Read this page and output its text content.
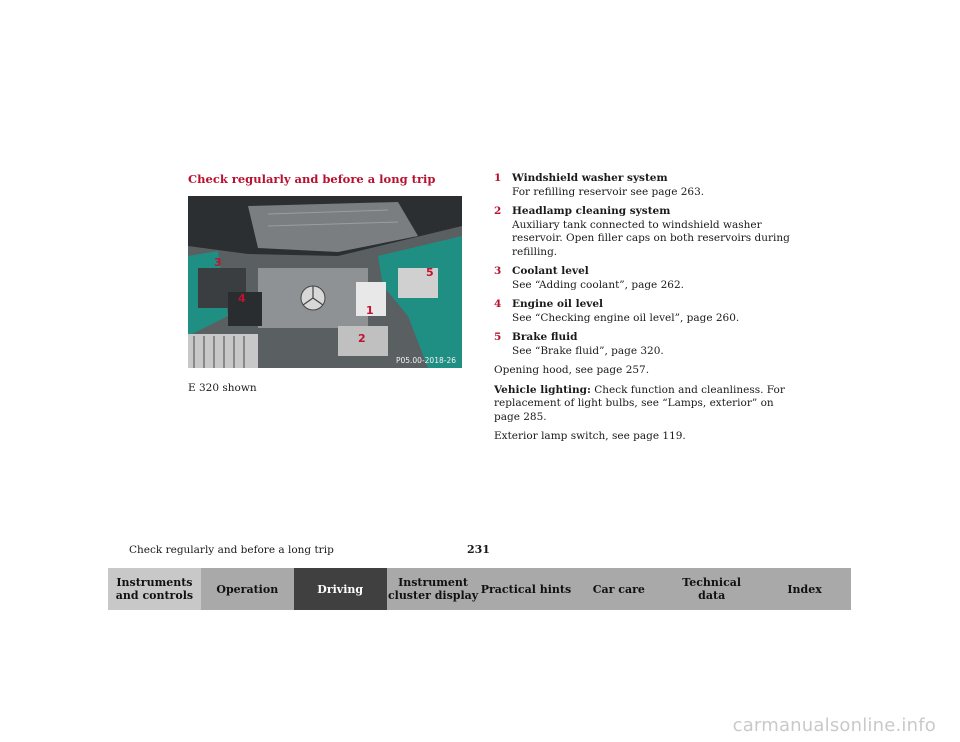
Check regularly and before a long trip
3
4
5
1
2
P05.00-2018-26
E 320 shown
1 Windshield washer system
For refilling reservoir see page 263.
2 Headlamp cleaning system
Auxiliary tank connected to windshield washer reservoir. Open filler caps on both reservoirs during refilling.
3 Coolant level
See “Adding coolant”, page 262.
4 Engine oil level
See “Checking engine oil level”, page 260.
5 Brake fluid
See “Brake fluid”, page 320.

Opening hood, see page 257.

Vehicle lighting: Check function and cleanliness. For replacement of light bulbs, see “Lamps, exterior” on page 285.

Exterior lamp switch, see page 119.

Check regularly and before a long trip	231
Instruments
and controls Operation	Driving	Instrument
cluster display Practical hints Car care	Technical
data	Index
carmanualsonline.info
